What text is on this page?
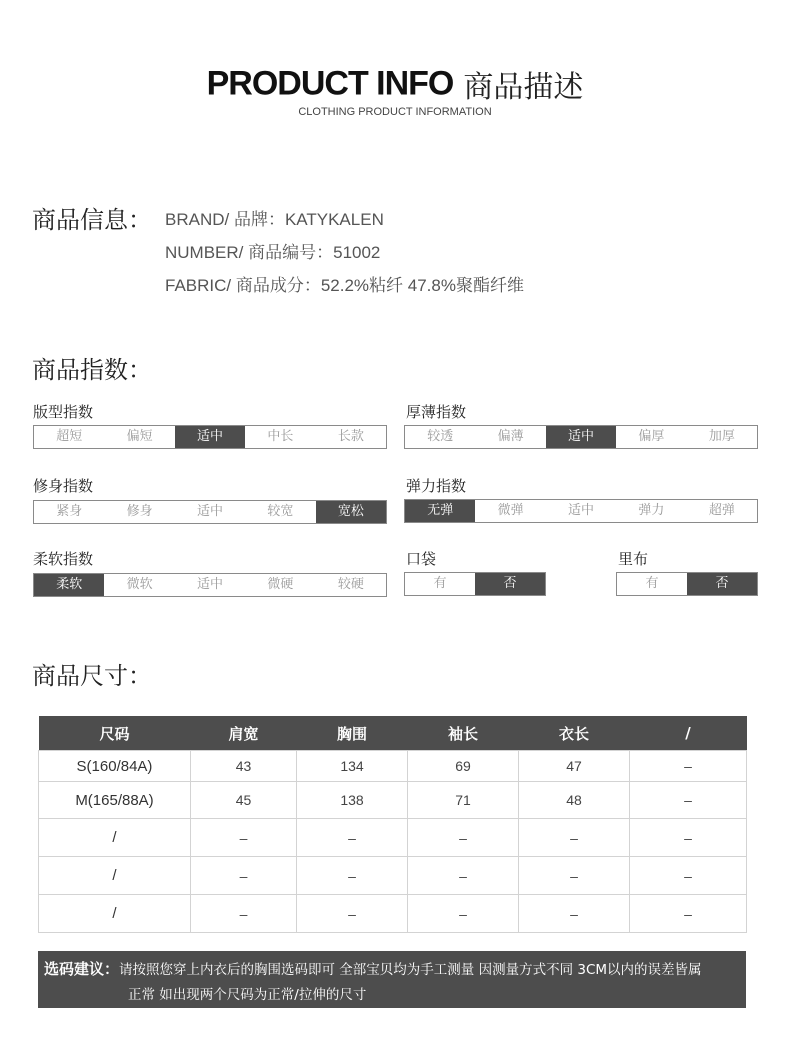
PRODUCT INFO 商品描述
CLOTHING PRODUCT INFORMATION
商品信息： BRAND/ 品牌：KATYKALEN
NUMBER/ 商品编号：51002
FABRIC/ 商品成分：52.2%粘纤 47.8%聚酯纤维
商品指数：
版型指数
超短	偏短	适中	中长	长款
厚薄指数
较透	偏薄	适中	偏厚	加厚
修身指数
紧身	修身	适中	较宽	宽松
弹力指数
无弹	微弹	适中	弹力	超弹
柔软指数
柔软	微软	适中	微硬	较硬
口袋
有	否
里布
有	否
商品尺寸：
尺码	肩宽	胸围	袖长	衣长	/
S(160/84A)	43	134	69	47	–
M(165/88A)	45	138	71	48	–
/	–	–	–	–	–
/	–	–	–	–	–
/	–	–	–	–	–
选码建议：请按照您穿上内衣后的胸围选码即可 全部宝贝均为手工测量 因测量方式不同 3CM以内的误差皆属
正常 如出现两个尺码为正常/拉伸的尺寸
